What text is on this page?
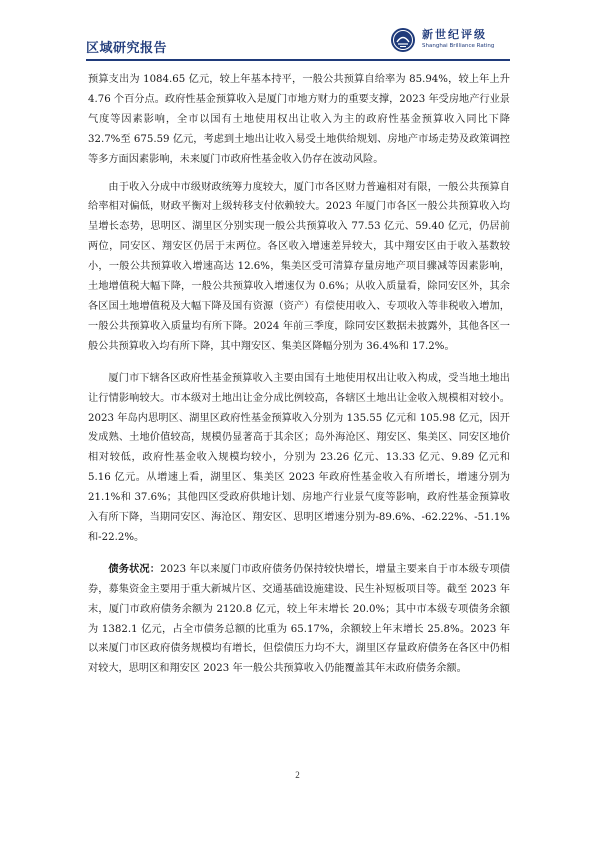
区域研究报告
新世纪评级
Shanghai Brilliance Rating

预算支出为 1084.65 亿元，较上年基本持平，一般公共预算自给率为 85.94%，较上年上升 4.76 个百分点。政府性基金预算收入是厦门市地方财力的重要支撑，2023 年受房地产行业景气度等因素影响，全市以国有土地使用权出让收入为主的政府性基金预算收入同比下降 32.7%至 675.59 亿元，考虑到土地出让收入易受土地供给规划、房地产市场走势及政策调控等多方面因素影响，未来厦门市政府性基金收入仍存在波动风险。

由于收入分成中市级财政统筹力度较大，厦门市各区财力普遍相对有限，一般公共预算自给率相对偏低，财政平衡对上级转移支付依赖较大。2023 年厦门市各区一般公共预算收入均呈增长态势，思明区、湖里区分别实现一般公共预算收入 77.53 亿元、59.40 亿元，仍居前两位，同安区、翔安区仍居于末两位。各区收入增速差异较大，其中翔安区由于收入基数较小，一般公共预算收入增速高达 12.6%，集美区受可清算存量房地产项目骤减等因素影响，土地增值税大幅下降，一般公共预算收入增速仅为 0.6%；从收入质量看，除同安区外，其余各区国土地增值税及大幅下降及国有资源（资产）有偿使用收入、专项收入等非税收入增加，一般公共预算收入质量均有所下降。2024 年前三季度，除同安区数据未披露外，其他各区一般公共预算收入均有所下降，其中翔安区、集美区降幅分别为 36.4%和 17.2%。

厦门市下辖各区政府性基金预算收入主要由国有土地使用权出让收入构成，受当地土地出让行情影响较大。市本级对土地出让金分成比例较高，各辖区土地出让金收入规模相对较小。2023 年岛内思明区、湖里区政府性基金预算收入分别为 135.55 亿元和 105.98 亿元，因开发成熟、土地价值较高，规模仍显著高于其余区；岛外海沧区、翔安区、集美区、同安区地价相对较低，政府性基金收入规模均较小，分别为 23.26 亿元、13.33 亿元、9.89 亿元和 5.16 亿元。从增速上看，湖里区、集美区 2023 年政府性基金收入有所增长，增速分别为 21.1%和 37.6%；其他四区受政府供地计划、房地产行业景气度等影响，政府性基金预算收入有所下降，当期同安区、海沧区、翔安区、思明区增速分别为-89.6%、-62.22%、-51.1%和-22.2%。

债务状况：2023 年以来厦门市政府债务仍保持较快增长，增量主要来自于市本级专项债券，募集资金主要用于重大新城片区、交通基础设施建设、民生补短板项目等。截至 2023 年末，厦门市政府债务余额为 2120.8 亿元，较上年末增长 20.0%；其中市本级专项债务余额为 1382.1 亿元，占全市债务总额的比重为 65.17%，余额较上年末增长 25.8%。2023 年以来厦门市区政府债务规模均有增长，但偿债压力均不大，湖里区存量政府债务在各区中仍相对较大，思明区和翔安区 2023 年一般公共预算收入仍能覆盖其年末政府债务余额。

2
